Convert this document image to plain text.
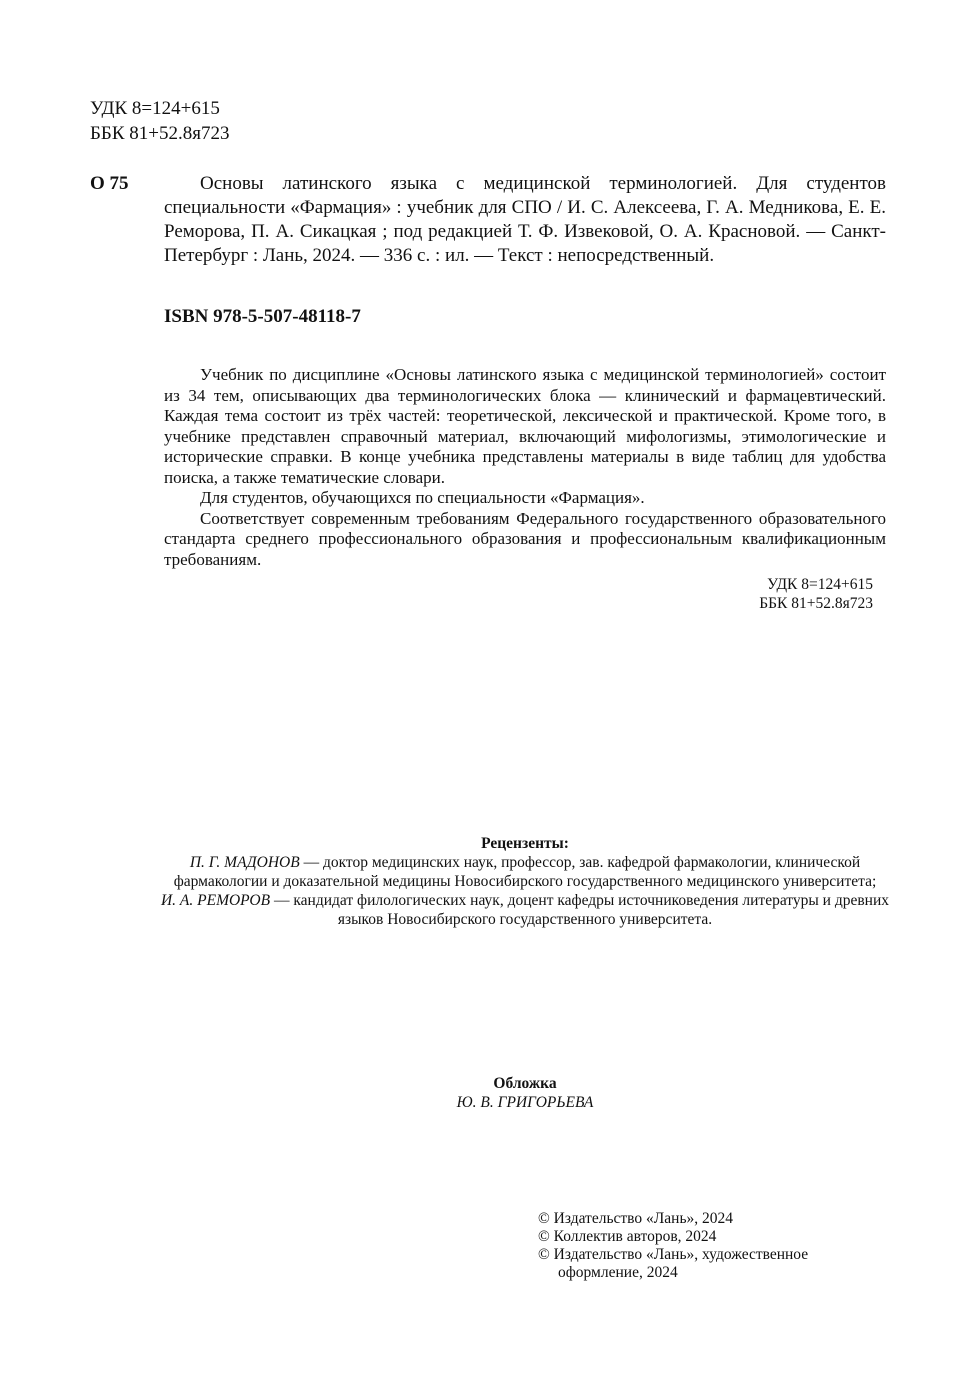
УДК 8=124+615
ББК 81+52.8я723
О 75	Основы латинского языка с медицинской терминологией. Для студентов специальности «Фармация» : учебник для СПО / И. С. Алексеева, Г. А. Медникова, Е. Е. Реморова, П. А. Сикацкая ; под редакцией Т. Ф. Извековой, О. А. Красновой. — Санкт-Петербург : Лань, 2024. — 336 с. : ил. — Текст : непосредственный.

ISBN 978-5-507-48118-7

Учебник по дисциплине «Основы латинского языка с медицинской терминологией» состоит из 34 тем, описывающих два терминологических блока — клинический и фармацевтический. Каждая тема состоит из трёх частей: теоретической, лексической и практической. Кроме того, в учебнике представлен справочный материал, включающий мифологизмы, этимологические и исторические справки. В конце учебника представлены материалы в виде таблиц для удобства поиска, а также тематические словари.

Для студентов, обучающихся по специальности «Фармация».

Соответствует современным требованиям Федерального государственного образовательного стандарта среднего профессионального образования и профессиональным квалификационным требованиям.

УДК 8=124+615
ББК 81+52.8я723
Рецензенты:

П. Г. МАДОНОВ — доктор медицинских наук, профессор, зав. кафедрой фармакологии, клинической фармакологии и доказательной медицины Новосибирского государственного медицинского университета;

И. А. РЕМОРОВ — кандидат филологических наук, доцент кафедры источниковедения литературы и древних языков Новосибирского государственного университета.

Обложка
Ю. В. ГРИГОРЬЕВА
© Издательство «Лань», 2024
© Коллектив авторов, 2024
© Издательство «Лань», художественное
оформление, 2024
